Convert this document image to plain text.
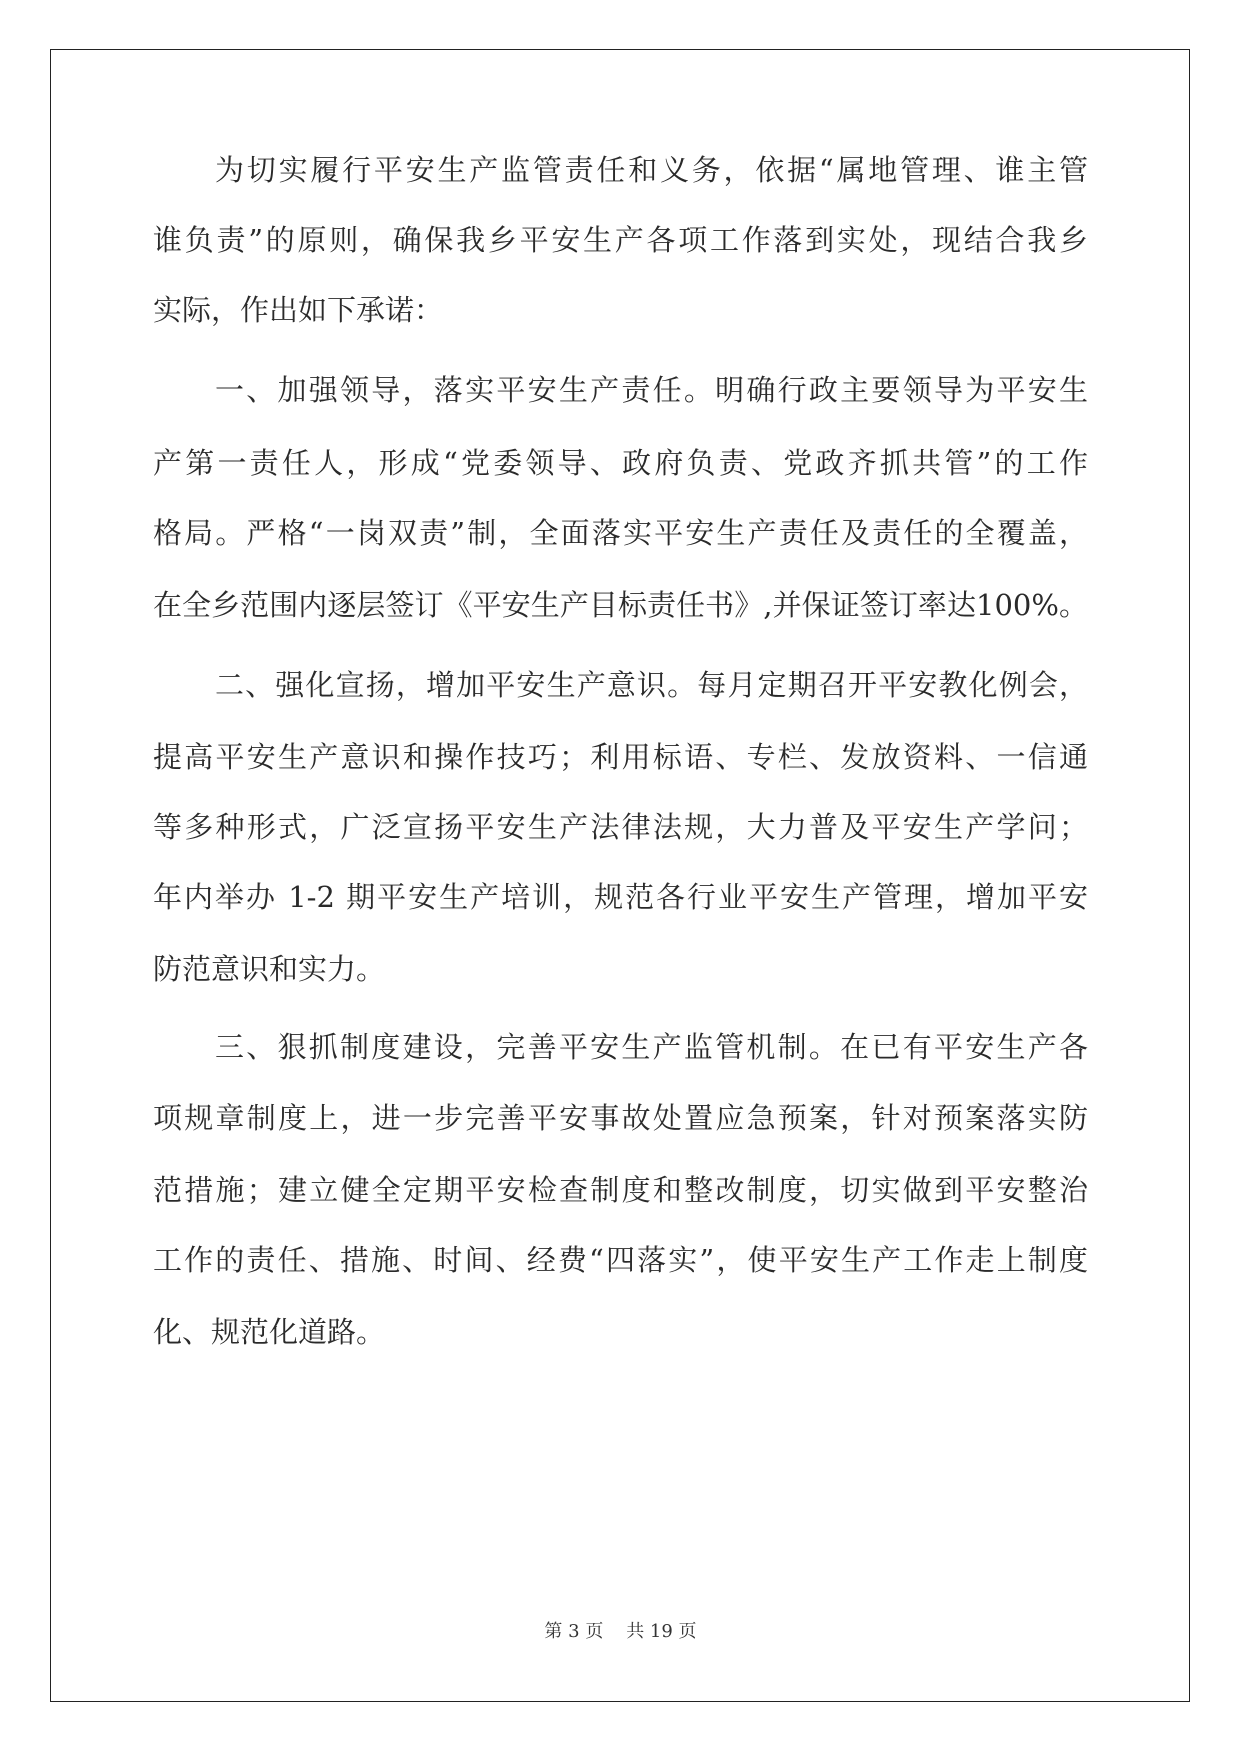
为切实履行平安生产监管责任和义务，依据“属地管理、谁主管
谁负责”的原则，确保我乡平安生产各项工作落到实处，现结合我乡
实际，作出如下承诺：
一、加强领导，落实平安生产责任。明确行政主要领导为平安生
产第一责任人，形成“党委领导、政府负责、党政齐抓共管”的工作
格局。严格“一岗双责”制，全面落实平安生产责任及责任的全覆盖，
在全乡范围内逐层签订《平安生产目标责任书》,并保证签订率达100%。
二、强化宣扬，增加平安生产意识。每月定期召开平安教化例会，
提高平安生产意识和操作技巧；利用标语、专栏、发放资料、一信通
等多种形式，广泛宣扬平安生产法律法规，大力普及平安生产学问；
年内举办 1-2 期平安生产培训，规范各行业平安生产管理，增加平安
防范意识和实力。
三、狠抓制度建设，完善平安生产监管机制。在已有平安生产各
项规章制度上，进一步完善平安事故处置应急预案，针对预案落实防
范措施；建立健全定期平安检查制度和整改制度，切实做到平安整治
工作的责任、措施、时间、经费“四落实”，使平安生产工作走上制度
化、规范化道路。
第 3 页    共 19 页
